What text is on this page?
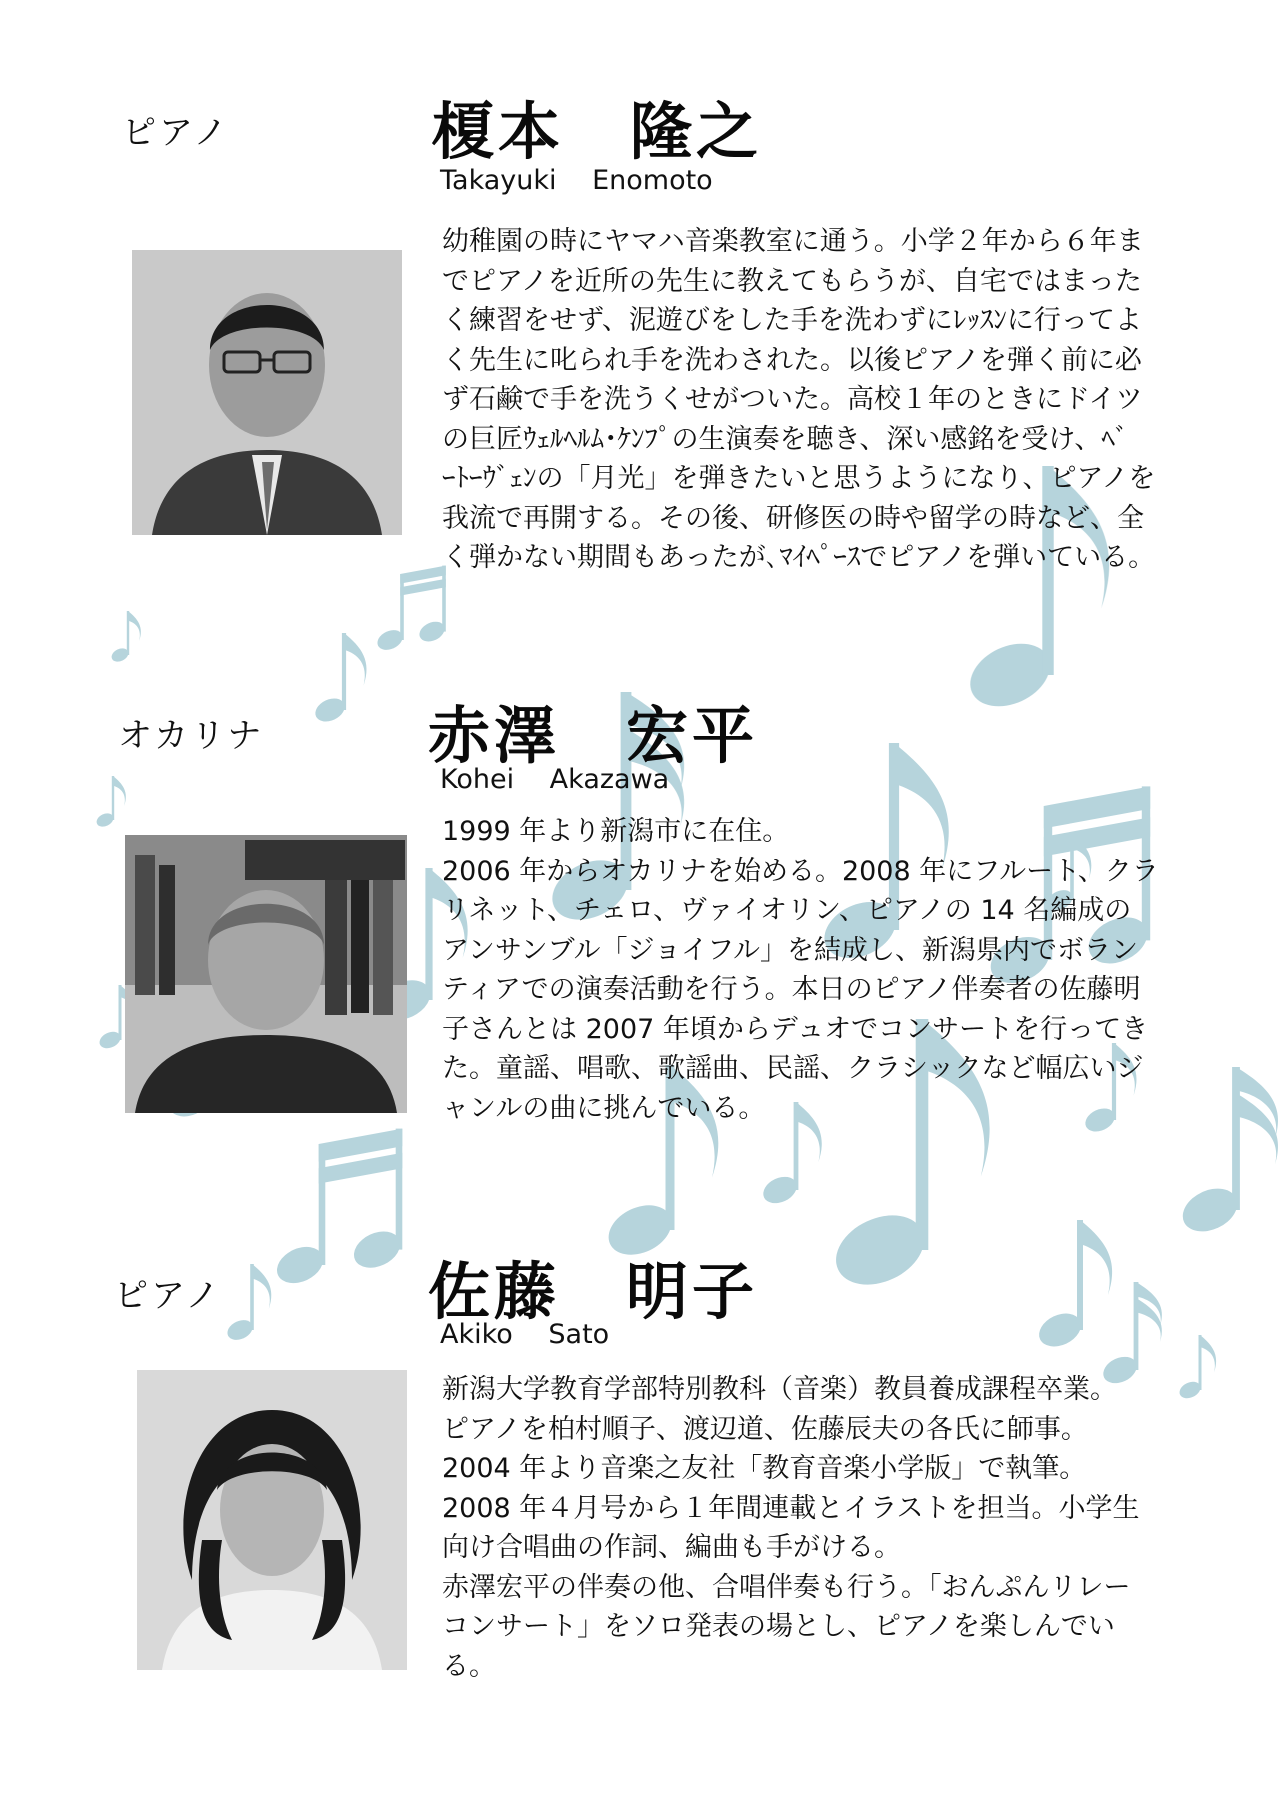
ピアノ	榎本　隆之
Takayuki　 Enomoto
幼稚園の時にヤマハ音楽教室に通う。小学２年から６年ま
でピアノを近所の先生に教えてもらうが、自宅ではまった
く練習をせず、泥遊びをした手を洗わずにﾚｯｽﾝに行ってよ
く先生に叱られ手を洗わされた。以後ピアノを弾く前に必
ず石鹸で手を洗うくせがついた。高校１年のときにドイツ
の巨匠ｳｪﾙﾍﾙﾑ･ｹﾝﾌﾟの生演奏を聴き、深い感銘を受け、ﾍﾞ
ｰﾄｰｳﾞｪﾝの「月光」を弾きたいと思うようになり、ピアノを
我流で再開する。その後、研修医の時や留学の時など、全
く弾かない期間もあったが､ﾏｲﾍﾟｰｽでピアノを弾いている。
オカリナ	赤澤　宏平
Kohei　 Akazawa
1999 年より新潟市に在住。
2006 年からオカリナを始める。2008 年にフルート、クラ
リネット、チェロ、ヴァイオリン、ピアノの 14 名編成の
アンサンブル「ジョイフル」を結成し、新潟県内でボラン
ティアでの演奏活動を行う。本日のピアノ伴奏者の佐藤明
子さんとは 2007 年頃からデュオでコンサートを行ってき
た。童謡、唱歌、歌謡曲、民謡、クラシックなど幅広いジ
ャンルの曲に挑んでいる。
ピアノ	佐藤　明子
Akiko　 Sato
新潟大学教育学部特別教科（音楽）教員養成課程卒業。
ピアノを柏村順子、渡辺道、佐藤辰夫の各氏に師事。
2004 年より音楽之友社「教育音楽小学版」で執筆。
2008 年４月号から１年間連載とイラストを担当。小学生
向け合唱曲の作詞、編曲も手がける。
赤澤宏平の伴奏の他、合唱伴奏も行う。「おんぷんリレー
コンサート」をソロ発表の場とし、ピアノを楽しんでい
る。
